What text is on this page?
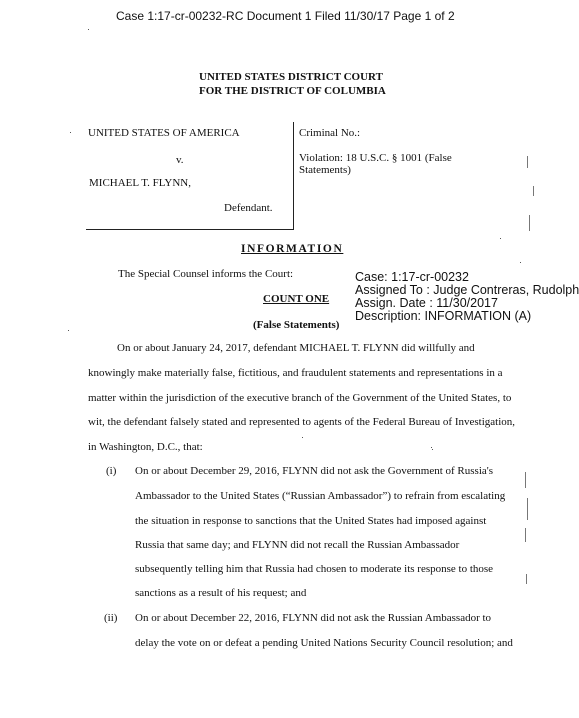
Case 1:17-cr-00232-RC Document 1 Filed 11/30/17 Page 1 of 2
UNITED STATES DISTRICT COURT
FOR THE DISTRICT OF COLUMBIA
UNITED STATES OF AMERICA
v.
MICHAEL T. FLYNN,
Defendant.
Criminal No.:
Violation: 18 U.S.C. § 1001 (False
Statements)
INFORMATION
The Special Counsel informs the Court:	Case: 1:17-cr-00232
Assigned To : Judge Contreras, Rudolph
Assign. Date : 11/30/2017
Description: INFORMATION (A)
COUNT ONE
(False Statements)
On or about January 24, 2017, defendant MICHAEL T. FLYNN did willfully and
knowingly make materially false, fictitious, and fraudulent statements and representations in a
matter within the jurisdiction of the executive branch of the Government of the United States, to
wit, the defendant falsely stated and represented to agents of the Federal Bureau of Investigation,
in Washington, D.C., that:
(i) On or about December 29, 2016, FLYNN did not ask the Government of Russia's
Ambassador to the United States (“Russian Ambassador”) to refrain from escalating
the situation in response to sanctions that the United States had imposed against
Russia that same day; and FLYNN did not recall the Russian Ambassador
subsequently telling him that Russia had chosen to moderate its response to those
sanctions as a result of his request; and
(ii) On or about December 22, 2016, FLYNN did not ask the Russian Ambassador to
delay the vote on or defeat a pending United Nations Security Council resolution; and
